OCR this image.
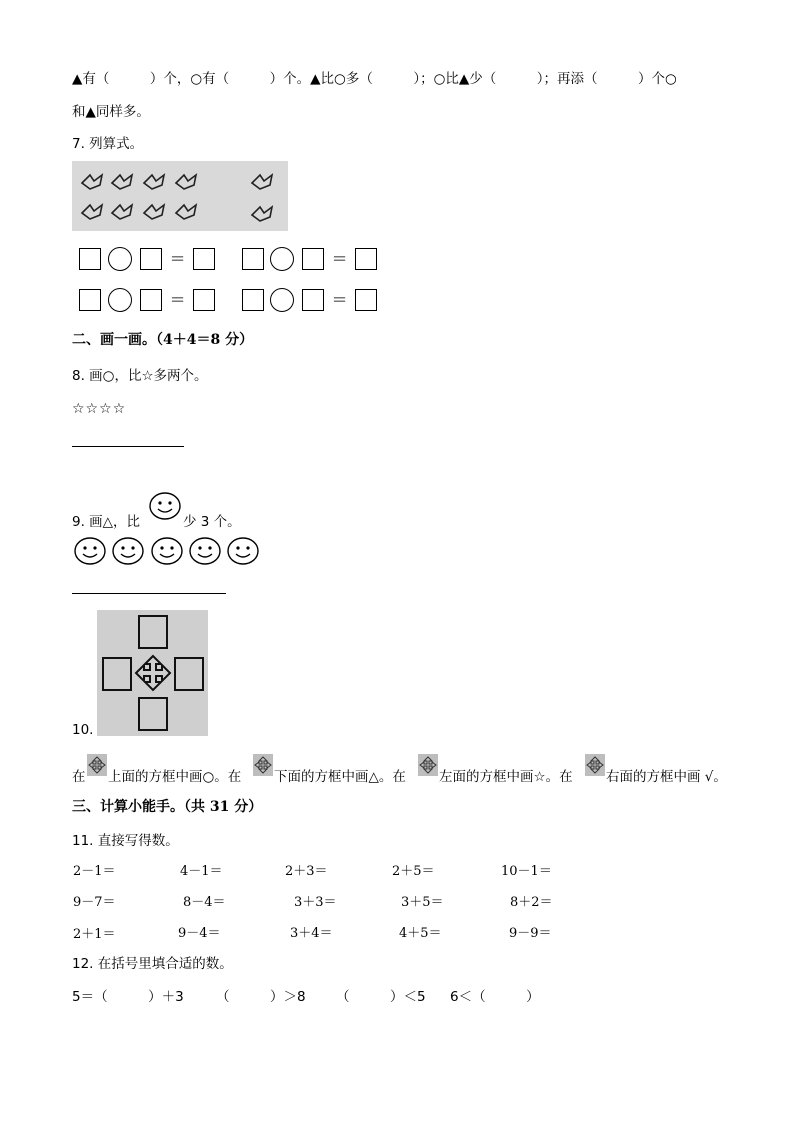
▲有（　　　）个，○有（　　　）个。▲比○多（　　　）；○比▲少（　　　）；再添（　　　）个○
和▲同样多。
7. 列算式。
=	=
=	=
二、画一画。（4＋4＝8 分）
8. 画○，比☆多两个。
☆☆☆☆
9. 画△，比	少 3 个。
10.
在 上面的方框中画○。在 下面的方框中画△。在 左面的方框中画☆。在 右面的方框中画 √。
三、计算小能手。（共 31 分）
11. 直接写得数。
2－1＝	4－1＝	2＋3＝	2＋5＝	10－1＝
9－7＝	8－4＝	3＋3＝	3＋5＝	8＋2＝
2＋1＝	9－4＝	3＋4＝	4＋5＝	9－9＝
12. 在括号里填合适的数。
5＝（　　　）＋3 （　　　）＞8 （　　　）＜5 6＜（　　　）
